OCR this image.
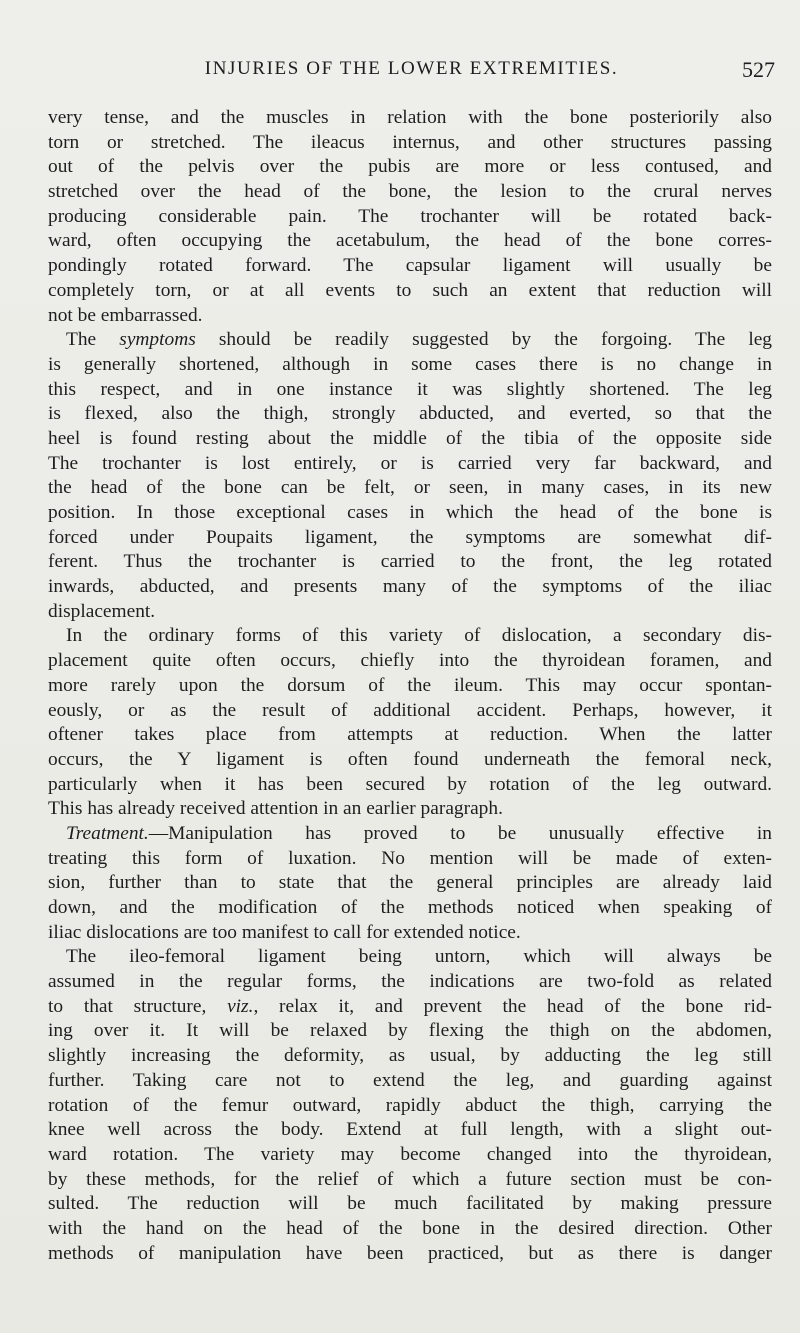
INJURIES OF THE LOWER EXTREMITIES.	527
very tense, and the muscles in relation with the bone posteriorily also
torn or stretched. The ileacus internus, and other structures passing
out of the pelvis over the pubis are more or less contused, and
stretched over the head of the bone, the lesion to the crural nerves
producing considerable pain. The trochanter will be rotated back-
ward, often occupying the acetabulum, the head of the bone corres-
pondingly rotated forward. The capsular ligament will usually be
completely torn, or at all events to such an extent that reduction will
not be embarrassed.
The symptoms should be readily suggested by the forgoing. The leg
is generally shortened, although in some cases there is no change in
this respect, and in one instance it was slightly shortened. The leg
is flexed, also the thigh, strongly abducted, and everted, so that the
heel is found resting about the middle of the tibia of the opposite side
The trochanter is lost entirely, or is carried very far backward, and
the head of the bone can be felt, or seen, in many cases, in its new
position. In those exceptional cases in which the head of the bone is
forced under Poupaits ligament, the symptoms are somewhat dif-
ferent. Thus the trochanter is carried to the front, the leg rotated
inwards, abducted, and presents many of the symptoms of the iliac
displacement.
In the ordinary forms of this variety of dislocation, a secondary dis-
placement quite often occurs, chiefly into the thyroidean foramen, and
more rarely upon the dorsum of the ileum. This may occur spontan-
eously, or as the result of additional accident. Perhaps, however, it
oftener takes place from attempts at reduction. When the latter
occurs, the Y ligament is often found underneath the femoral neck,
particularly when it has been secured by rotation of the leg outward.
This has already received attention in an earlier paragraph.
Treatment.—Manipulation has proved to be unusually effective in
treating this form of luxation. No mention will be made of exten-
sion, further than to state that the general principles are already laid
down, and the modification of the methods noticed when speaking of
iliac dislocations are too manifest to call for extended notice.
The ileo-femoral ligament being untorn, which will always be
assumed in the regular forms, the indications are two-fold as related
to that structure, viz., relax it, and prevent the head of the bone rid-
ing over it. It will be relaxed by flexing the thigh on the abdomen,
slightly increasing the deformity, as usual, by adducting the leg still
further. Taking care not to extend the leg, and guarding against
rotation of the femur outward, rapidly abduct the thigh, carrying the
knee well across the body. Extend at full length, with a slight out-
ward rotation. The variety may become changed into the thyroidean,
by these methods, for the relief of which a future section must be con-
sulted. The reduction will be much facilitated by making pressure
with the hand on the head of the bone in the desired direction. Other
methods of manipulation have been practiced, but as there is danger
